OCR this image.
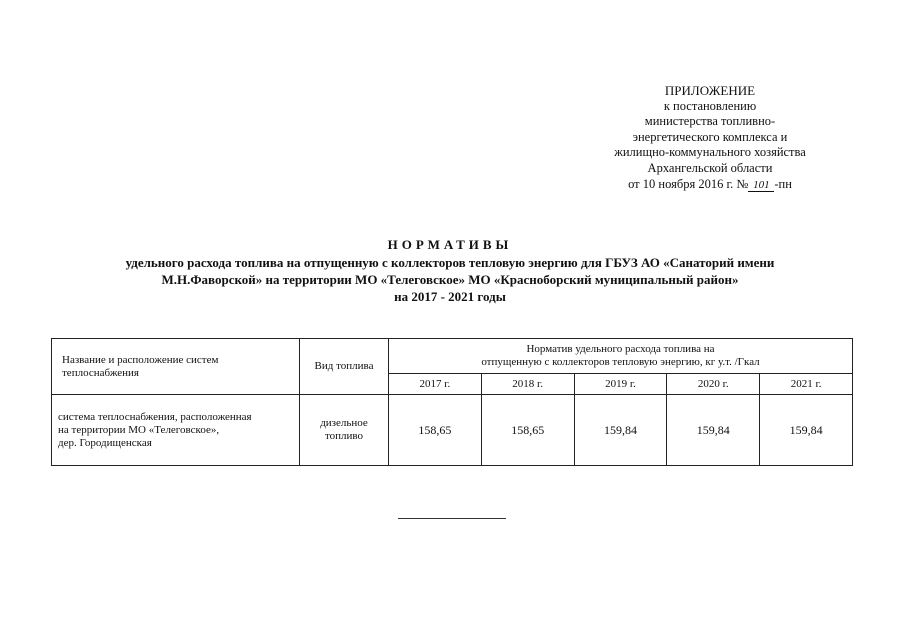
ПРИЛОЖЕНИЕ
к постановлению
министерства топливно-
энергетического комплекса и
жилищно-коммунального хозяйства
Архангельской области
от 10 ноября 2016 г. № 101 -пн
НОРМАТИВЫ
удельного расхода топлива на отпущенную с коллекторов тепловую энергию для ГБУЗ АО «Санаторий имени
М.Н.Фаворской» на территории МО «Телеговское» МО «Красноборский муниципальный район»
на 2017 - 2021 годы
Название и расположение систем теплоснабжения	Вид топлива	Норматив удельного расхода топлива на
отпущенную с коллекторов тепловую энергию, кг у.т. /Гкал				

		2017 г.	2018 г.	2019 г.	2020 г.	2021 г.

система теплоснабжения, расположенная
на территории МО «Телеговское»,
дер. Городищенская	дизельное топливо	158,65	158,65	159,84	159,84	159,84
